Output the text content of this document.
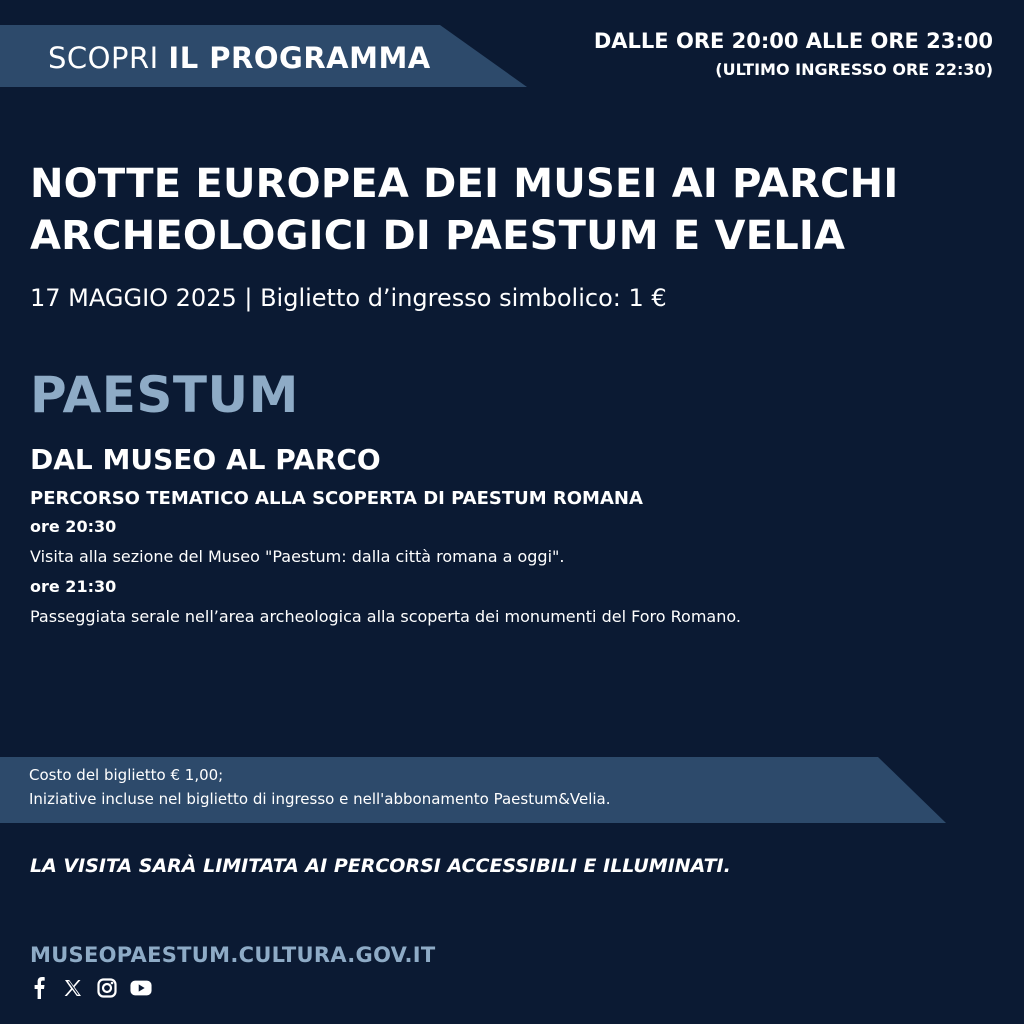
SCOPRI IL PROGRAMMA	DALLE ORE 20:00 ALLE ORE 23:00
(ULTIMO INGRESSO ORE 22:30)
NOTTE EUROPEA DEI MUSEI AI PARCHI
ARCHEOLOGICI DI PAESTUM E VELIA

17 MAGGIO 2025 | Biglietto d’ingresso simbolico: 1 €

PAESTUM
DAL MUSEO AL PARCO
PERCORSO TEMATICO ALLA SCOPERTA DI PAESTUM ROMANA
ore 20:30
Visita alla sezione del Museo "Paestum: dalla città romana a oggi".
ore 21:30
Passeggiata serale nell’area archeologica alla scoperta dei monumenti del Foro Romano.
Costo del biglietto € 1,00;
Iniziative incluse nel biglietto di ingresso e nell'abbonamento Paestum&Velia.

LA VISITA SARÀ LIMITATA AI PERCORSI ACCESSIBILI E ILLUMINATI.

MUSEOPAESTUM.CULTURA.GOV.IT
